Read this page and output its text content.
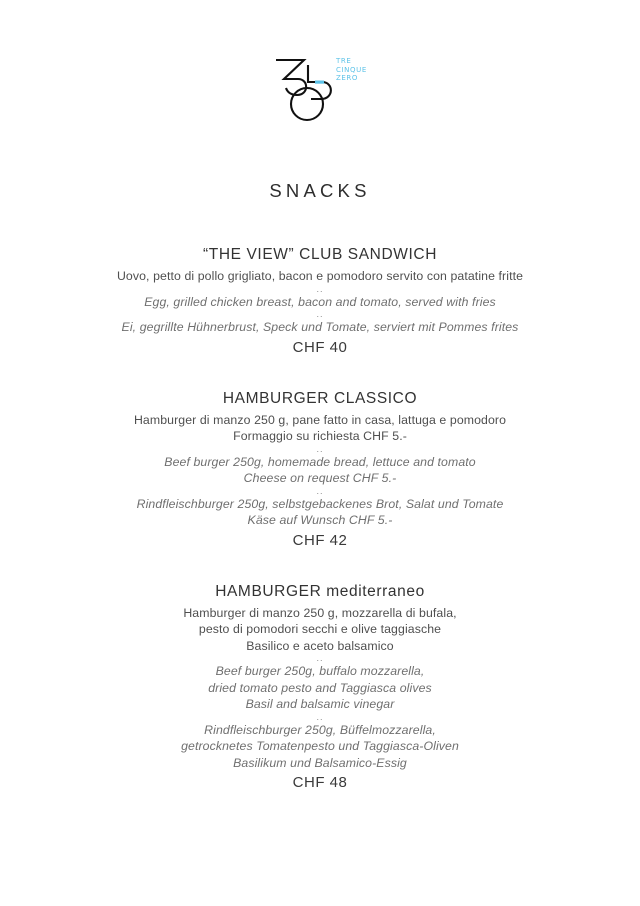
TRE
CINQUE
ZERO
SNACKS
“THE VIEW” CLUB SANDWICH
Uovo, petto di pollo grigliato, bacon e pomodoro servito con patatine fritte
..
Egg, grilled chicken breast, bacon and tomato, served with fries
..
Ei, gegrillte Hühnerbrust, Speck und Tomate, serviert mit Pommes frites
CHF 40
HAMBURGER CLASSICO
Hamburger di manzo 250 g, pane fatto in casa, lattuga e pomodoro
Formaggio su richiesta CHF 5.-
..
Beef burger 250g, homemade bread, lettuce and tomato
Cheese on request CHF 5.-
..
Rindfleischburger 250g, selbstgebackenes Brot, Salat und Tomate
Käse auf Wunsch CHF 5.-
CHF 42
HAMBURGER mediterraneo
Hamburger di manzo 250 g, mozzarella di bufala,
pesto di pomodori secchi e olive taggiasche
Basilico e aceto balsamico
..
Beef burger 250g, buffalo mozzarella,
dried tomato pesto and Taggiasca olives
Basil and balsamic vinegar
..
Rindfleischburger 250g, Büffelmozzarella,
getrocknetes Tomatenpesto und Taggiasca-Oliven
Basilikum und Balsamico-Essig
CHF 48
